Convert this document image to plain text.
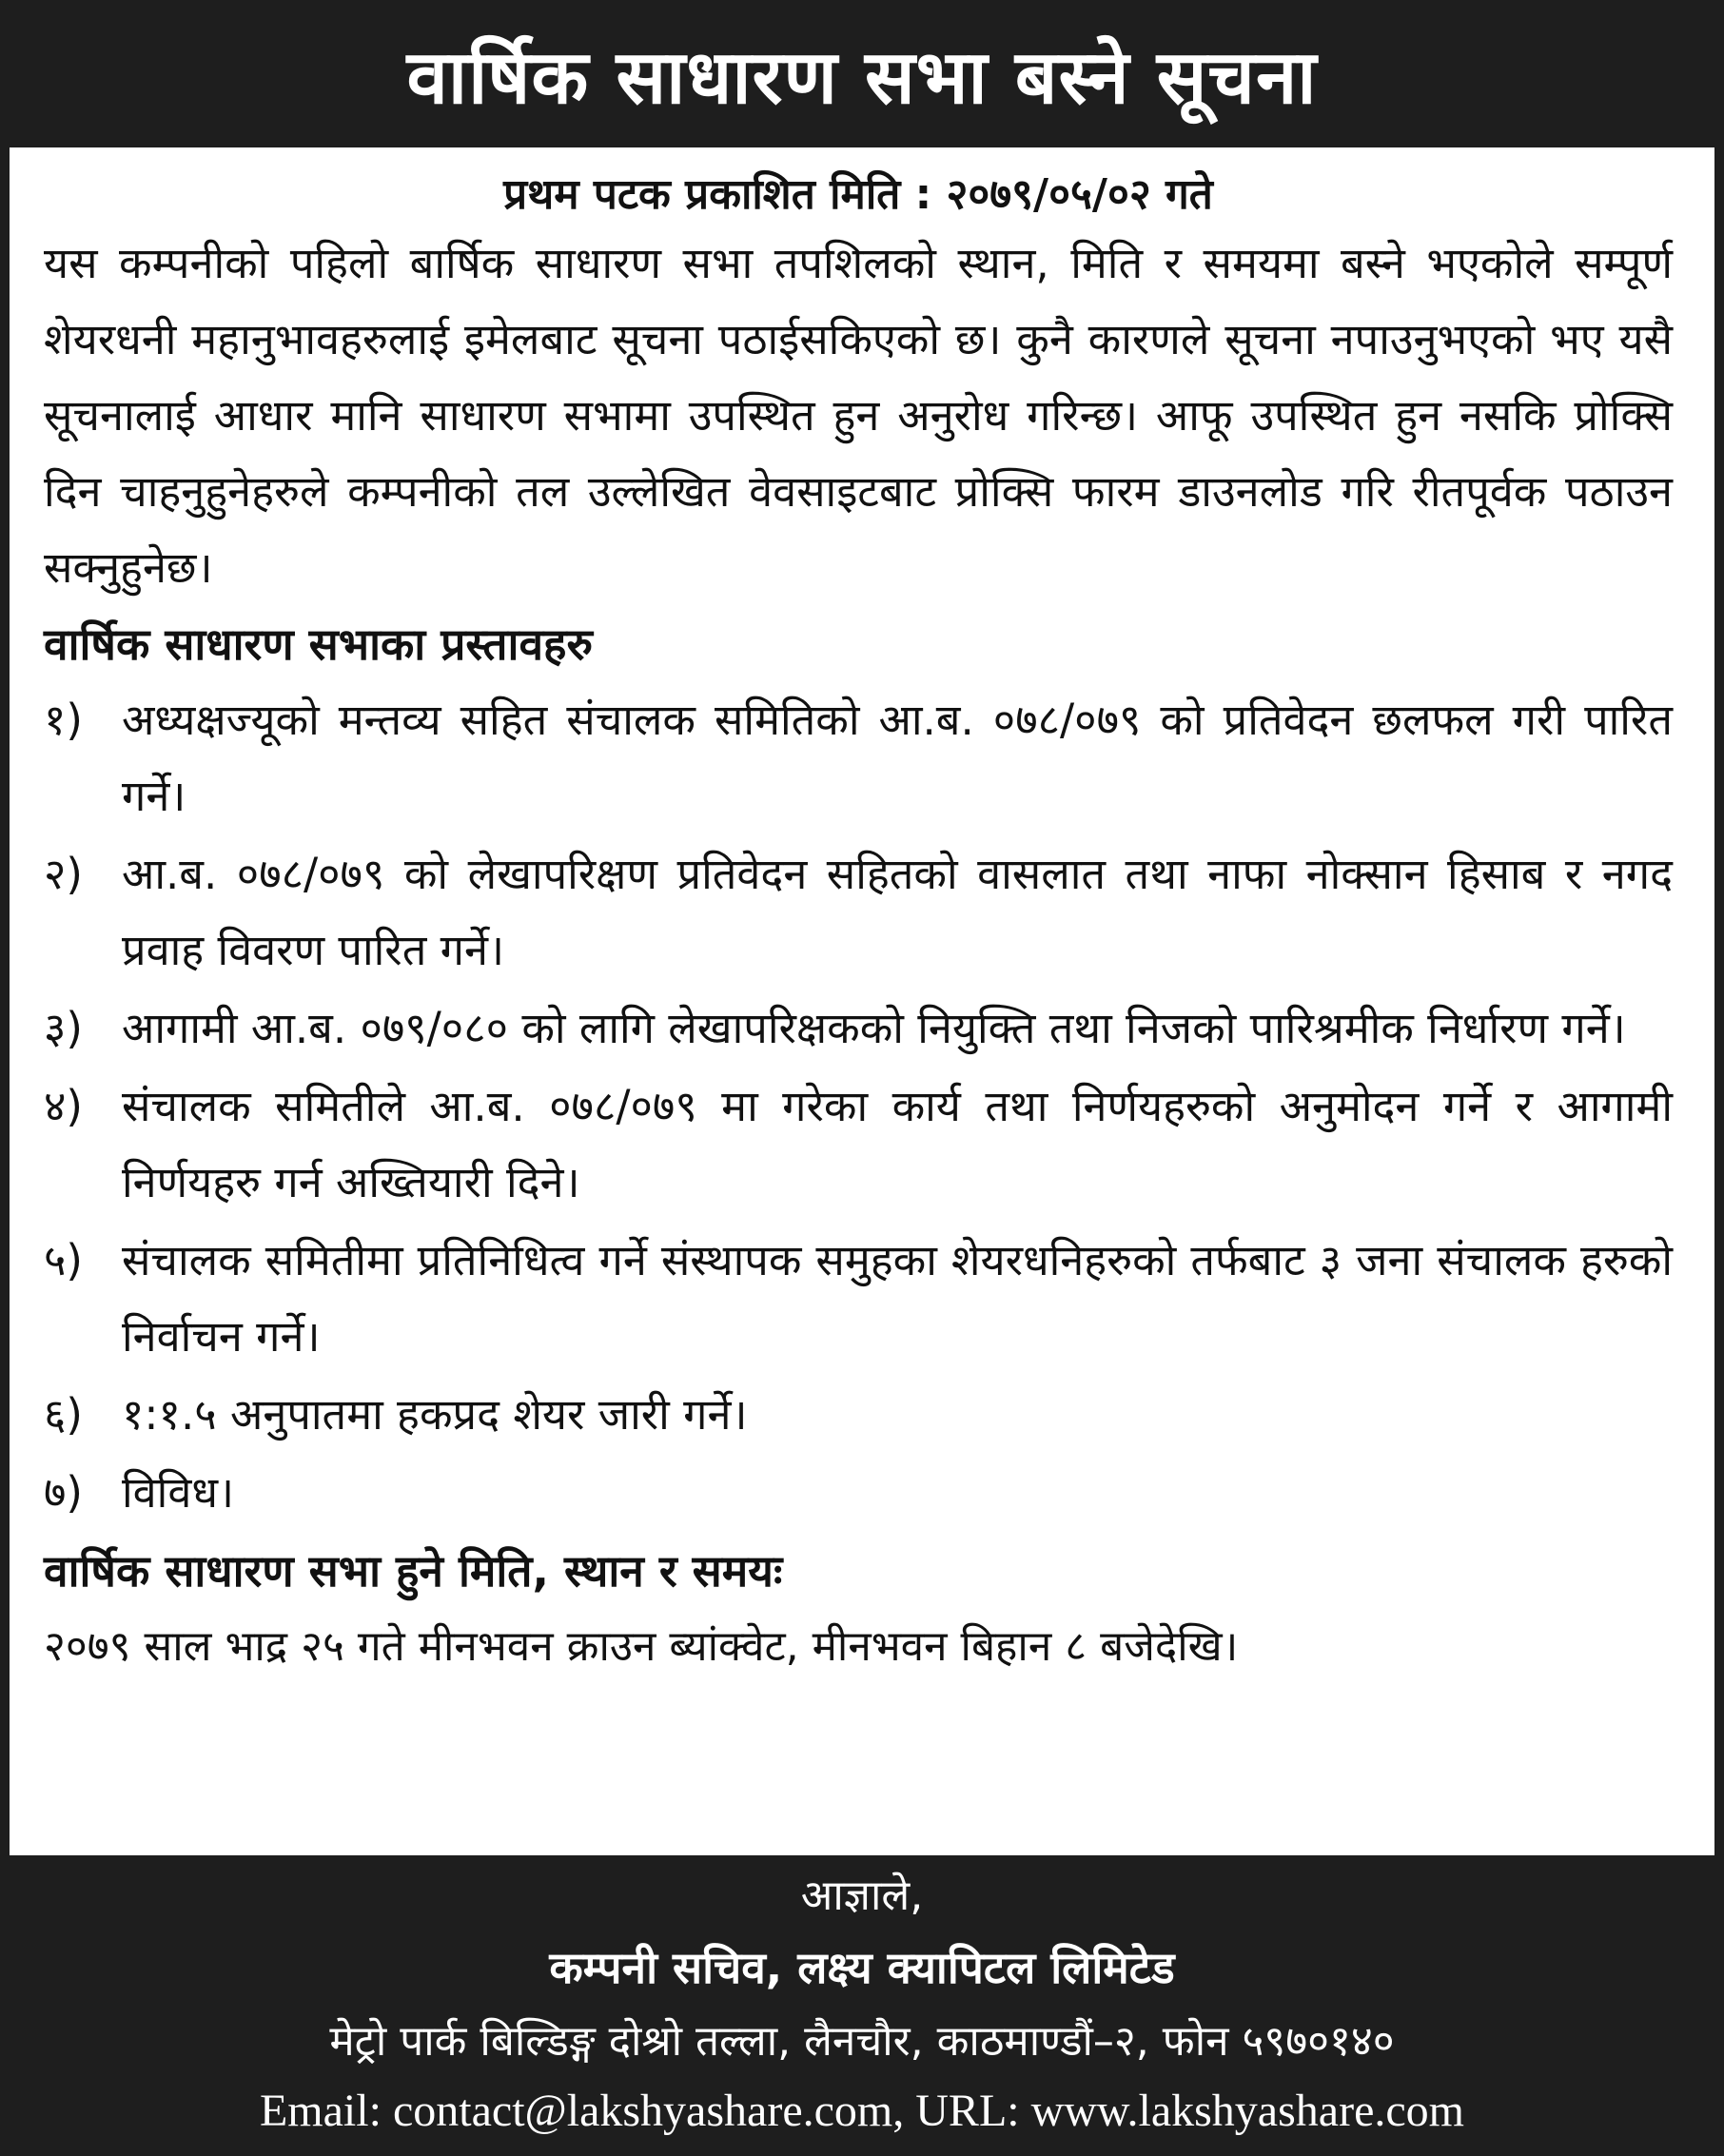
वार्षिक साधारण सभा बस्ने सूचना
प्रथम पटक प्रकाशित मिति : २०७९/०५/०२ गते
यस कम्पनीको पहिलो बार्षिक साधारण सभा तपशिलको स्थान, मिति र समयमा बस्ने भएकोले सम्पूर्ण शेयरधनी महानुभावहरुलाई इमेलबाट सूचना पठाईसकिएको छ। कुनै कारणले सूचना नपाउनुभएको भए यसै सूचनालाई आधार मानि साधारण सभामा उपस्थित हुन अनुरोध गरिन्छ। आफू उपस्थित हुन नसकि प्रोक्सि दिन चाहनुहुनेहरुले कम्पनीको तल उल्लेखित वेवसाइटबाट प्रोक्सि फारम डाउनलोड गरि रीतपूर्वक पठाउन सक्नुहुनेछ।
वार्षिक साधारण सभाका प्रस्तावहरु
१) अध्यक्षज्यूको मन्तव्य सहित संचालक समितिको आ.ब. ०७८/०७९ को प्रतिवेदन छलफल गरी पारित गर्ने।
२) आ.ब. ०७८/०७९ को लेखापरिक्षण प्रतिवेदन सहितको वासलात तथा नाफा नोक्सान हिसाब र नगद प्रवाह विवरण पारित गर्ने।
३) आगामी आ.ब. ०७९/०८० को लागि लेखापरिक्षकको नियुक्ति तथा निजको पारिश्रमीक निर्धारण गर्ने।
४) संचालक समितीले आ.ब. ०७८/०७९ मा गरेका कार्य तथा निर्णयहरुको अनुमोदन गर्ने र आगामी निर्णयहरु गर्न अख्तियारी दिने।
५) संचालक समितीमा प्रतिनिधित्व गर्ने संस्थापक समुहका शेयरधनिहरुको तर्फबाट ३ जना संचालक हरुको निर्वाचन गर्ने।
६) १:१.५ अनुपातमा हकप्रद शेयर जारी गर्ने।
७) विविध।
वार्षिक साधारण सभा हुने मिति, स्थान र समयः
२०७९ साल भाद्र २५ गते मीनभवन क्राउन ब्यांक्वेट, मीनभवन बिहान ८ बजेदेखि।
आज्ञाले,
कम्पनी सचिव, लक्ष्य क्यापिटल लिमिटेड
मेट्रो पार्क बिल्डिङ्ग दोश्रो तल्ला, लैनचौर, काठमाण्डौं–२, फोन ५९७०१४०
Email: contact@lakshyashare.com, URL: www.lakshyashare.com
